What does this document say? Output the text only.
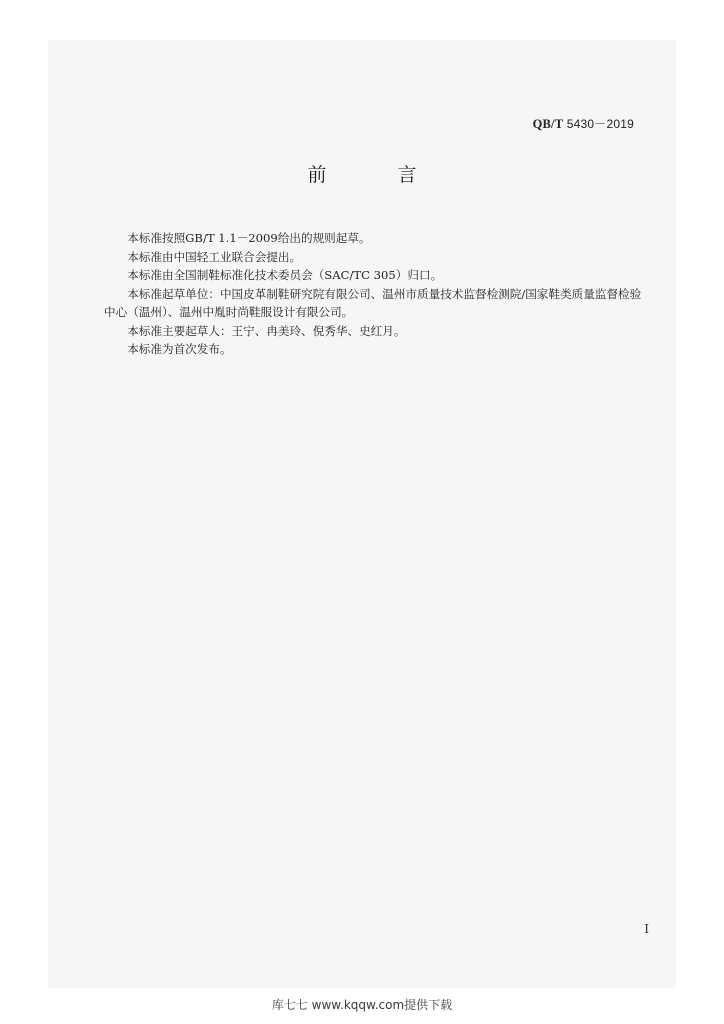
QB/T 5430－2019
前　言

本标准按照GB/T 1.1－2009给出的规则起草。

本标准由中国轻工业联合会提出。

本标准由全国制鞋标准化技术委员会（SAC/TC 305）归口。

本标准起草单位：中国皮革制鞋研究院有限公司、温州市质量技术监督检测院/国家鞋类质量监督检验中心（温州）、温州中胤时尚鞋服设计有限公司。

本标准主要起草人：王宁、冉美玲、倪秀华、史红月。

本标准为首次发布。

I
库七七 www.kqqw.com提供下载
